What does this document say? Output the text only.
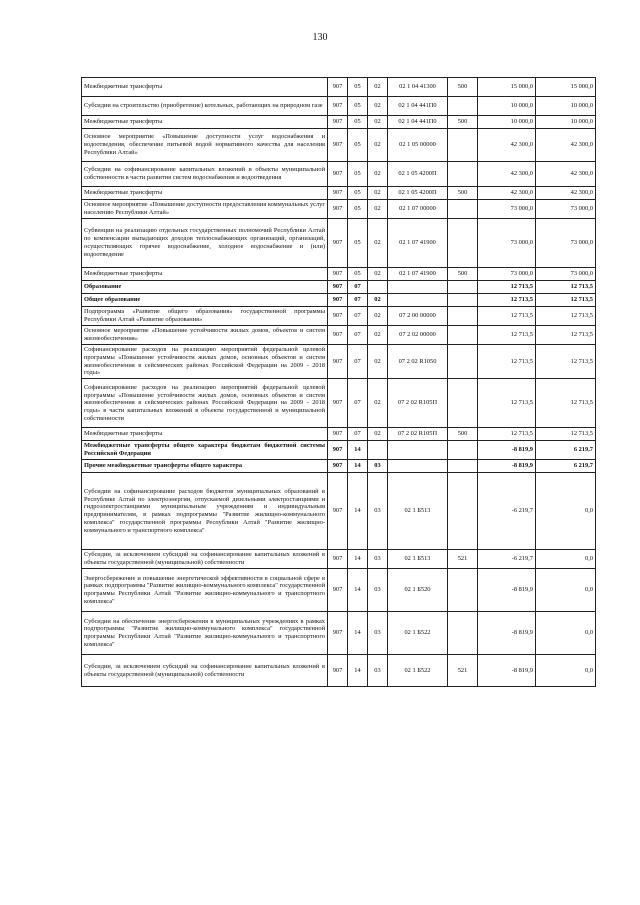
130
Межбюджетные трансферты	907	05	02	02 1 04 41300	500	15 000,0	15 000,0
Субсидии на строительство (приобретение) котельных, работающих на природном газе	907	05	02	02 1 04 441П0		10 000,0	10 000,0
Межбюджетные трансферты	907	05	02	02 1 04 441П0	500	10 000,0	10 000,0
Основное мероприятие «Повышение доступности услуг водоснабжения и водоотведения, обеспечение питьевой водой нормативного качества для населения Республики Алтай»	907	05	02	02 1 05 00000		42 300,0	42 300,0
Субсидии на софинансирование капитальных вложений в объекты муниципальной собственности в части развития систем водоснабжения и водоотведения	907	05	02	02 1 05 4200П		42 300,0	42 300,0
Межбюджетные трансферты	907	05	02	02 1 05 4200П	500	42 300,0	42 300,0
Основное мероприятие «Повышение доступности предоставления коммунальных услуг населению Республики Алтай»	907	05	02	02 1 07 00000		73 000,0	73 000,0
Субвенции на реализацию отдельных государственных полномочий Республики Алтай по компенсации выпадающих доходов теплоснабжающих организаций, организаций, осуществляющих горячее водоснабжение, холодное водоснабжение и (или) водоотведение	907	05	02	02 1 07 41900		73 000,0	73 000,0
Межбюджетные трансферты	907	05	02	02 1 07 41900	500	73 000,0	73 000,0
Образование	907	07				12 713,5	12 713,5
Общее образование	907	07	02			12 713,5	12 713,5
Подпрограмма «Развитие общего образования» государственной программы Республики Алтай «Развитие образования»	907	07	02	07 2 00 00000		12 713,5	12 713,5
Основное мероприятие «Повышение устойчивости жилых домов, объектов и систем жизнеобеспечения»	907	07	02	07 2 02 00000		12 713,5	12 713,5
Софинансирование расходов на реализацию мероприятий федеральной целевой программы «Повышение устойчивости жилых домов, основных объектов и систем жизнеобеспечения в сейсмических районах Российской Федерации на 2009 - 2018 годы»	907	07	02	07 2 02 R1050		12 713,5	12 713,5
Софинансирование расходов на реализацию мероприятий федеральной целевой программы «Повышение устойчивости жилых домов, основных объектов и систем жизнеобеспечения в сейсмических районах Российской Федерации на 2009 - 2018 годы» в части капитальных вложений в объекты государственной и муниципальной собственности	907	07	02	07 2 02 R105П		12 713,5	12 713,5
Межбюджетные трансферты	907	07	02	07 2 02 R105П	500	12 713,5	12 713,5
Межбюджетные трансферты общего характера бюджетам бюджетной системы Российской Федерации	907	14				-8 819,9	6 219,7
Прочие межбюджетные трансферты общего характера	907	14	03			-8 819,9	6 219,7
Субсидии на софинансирование расходов бюджетов муниципальных образований в Республике Алтай по электроэнергии, отпускаемой дизельными электростанциями и гидроэлектростанциями муниципальным учреждениям и индивидуальным предпринимателям, в рамках подпрограммы "Развитие жилищно-коммунального комплекса" государственной программы Республики Алтай "Развитие жилищно-коммунального и транспортного комплекса"	907	14	03	02 1 Б513		-6 219,7	0,0
Субсидии, за исключением субсидий на софинансирование капитальных вложений в объекты государственной (муниципальной) собственности	907	14	03	02 1 Б513	521	-6 219,7	0,0
Энергосбережение и повышение энергетической эффективности в социальной сфере в рамках подпрограммы "Развитие жилищно-коммунального комплекса" государственной программы Республики Алтай "Развитие жилищно-коммунального и транспортного комплекса"	907	14	03	02 1 Б520		-8 819,9	0,0
Субсидии на обеспечение энергосбережения в муниципальных учреждениях в рамках подпрограммы "Развитие жилищно-коммунального комплекса" государственной программы Республики Алтай "Развитие жилищно-коммунального и транспортного комплекса"	907	14	03	02 1 Б522		-8 819,9	0,0
Субсидии, за исключением субсидий на софинансирование капитальных вложений в объекты государственной (муниципальной) собственности	907	14	03	02 1 Б522	521	-8 819,9	0,0
